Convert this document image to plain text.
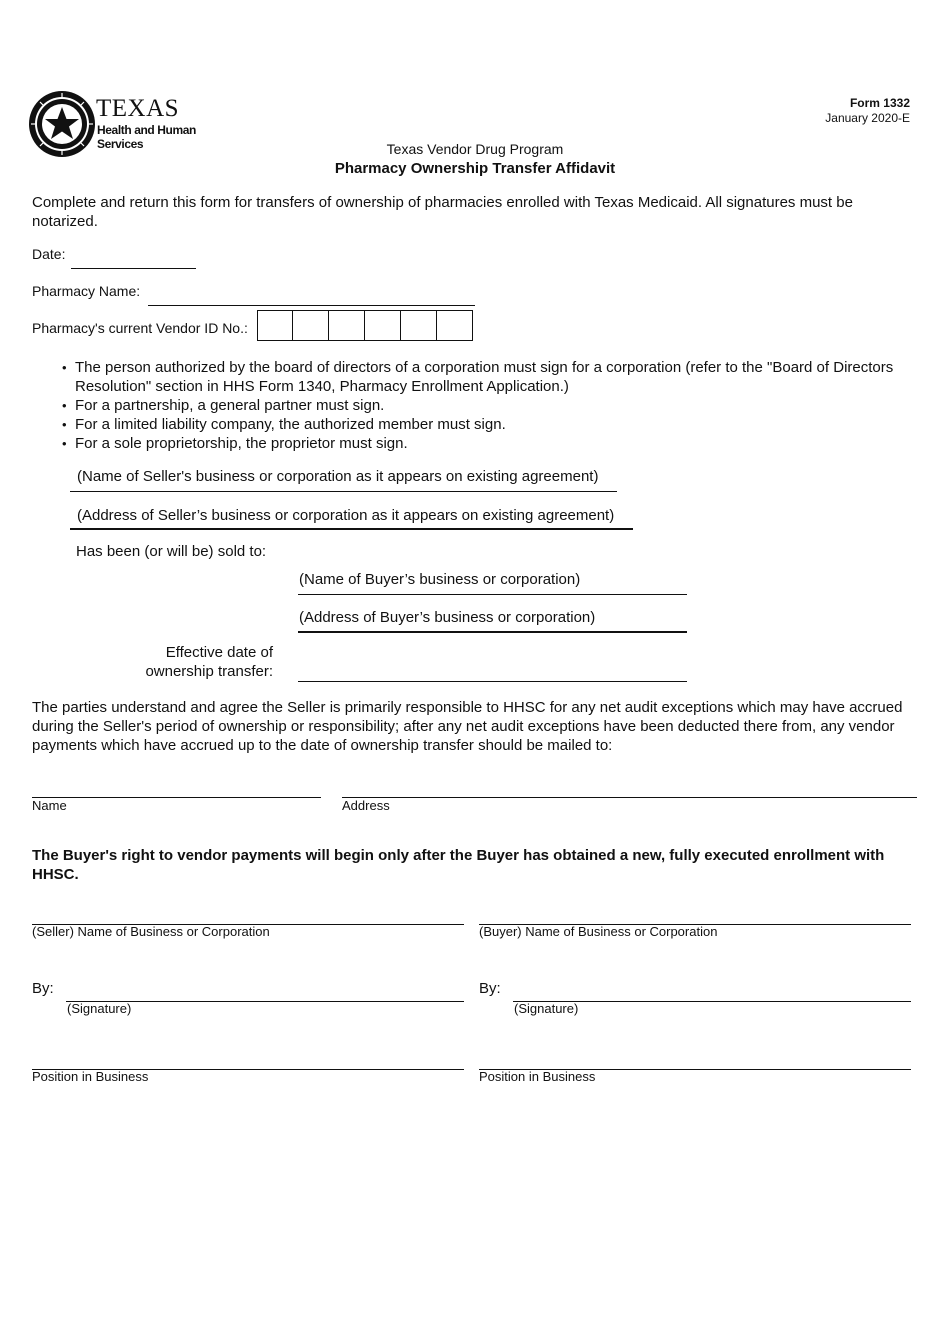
TEXAS
Health and Human
Services
Form 1332
January 2020-E
Texas Vendor Drug Program
Pharmacy Ownership Transfer Affidavit
Complete and return this form for transfers of ownership of pharmacies enrolled with Texas Medicaid. All signatures must be notarized.
Date:
Pharmacy Name:
Pharmacy's current Vendor ID No.:
• The person authorized by the board of directors of a corporation must sign for a corporation (refer to the "Board of Directors Resolution" section in HHS Form 1340, Pharmacy Enrollment Application.)
• For a partnership, a general partner must sign.
• For a limited liability company, the authorized member must sign.
• For a sole proprietorship, the proprietor must sign.
(Name of Seller's business or corporation as it appears on existing agreement)
(Address of Seller’s business or corporation as it appears on existing agreement)
Has been (or will be) sold to:
(Name of Buyer’s business or corporation)
(Address of Buyer’s business or corporation)
Effective date of
ownership transfer:
The parties understand and agree the Seller is primarily responsible to HHSC for any net audit exceptions which may have accrued during the Seller's period of ownership or responsibility; after any net audit exceptions have been deducted there from, any vendor payments which have accrued up to the date of ownership transfer should be mailed to:
Name	Address
The Buyer's right to vendor payments will begin only after the Buyer has obtained a new, fully executed enrollment with HHSC.
(Seller) Name of Business or Corporation
By:
(Signature)
Position in Business
(Buyer) Name of Business or Corporation
By:
(Signature)
Position in Business
